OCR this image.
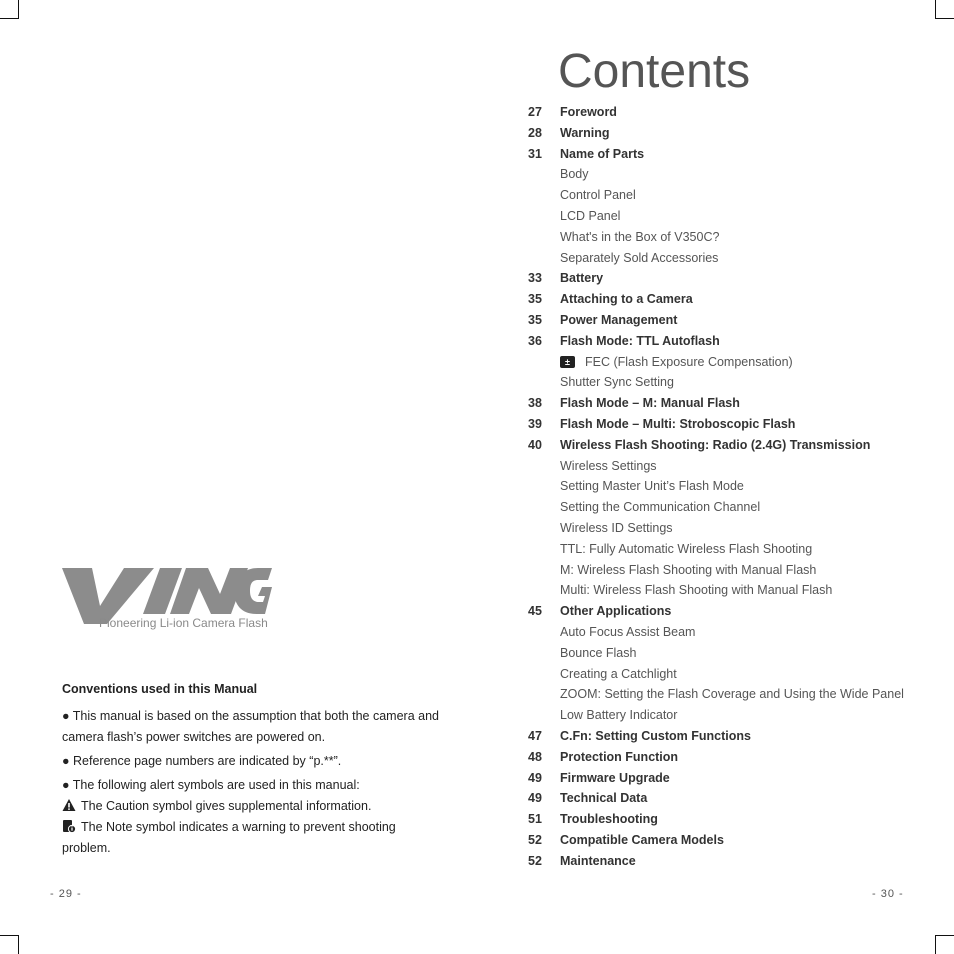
Pioneering Li-ion Camera Flash
Conventions used in this Manual
● This manual is based on the assumption that both the camera and
camera flash’s power switches are powered on.
● Reference page numbers are indicated by “p.**”.
● The following alert symbols are used in this manual:
The Caution symbol gives supplemental information.
The Note symbol indicates a warning to prevent shooting
problem.
- 29 -
Contents
27	Foreword
28	Warning
31	Name of Parts
Body
Control Panel
LCD Panel
What's in the Box of V350C?
Separately Sold Accessories
33	Battery
35	Attaching to a Camera
35	Power Management
36	Flash Mode: TTL Autoflash
± FEC (Flash Exposure Compensation)
Shutter Sync Setting
38	Flash Mode – M: Manual Flash
39	Flash Mode – Multi: Stroboscopic Flash
40	Wireless Flash Shooting: Radio (2.4G) Transmission
Wireless Settings
Setting Master Unit’s Flash Mode
Setting the Communication Channel
Wireless ID Settings
TTL: Fully Automatic Wireless Flash Shooting
M: Wireless Flash Shooting with Manual Flash
Multi: Wireless Flash Shooting with Manual Flash
45	Other Applications
Auto Focus Assist Beam
Bounce Flash
Creating a Catchlight
ZOOM: Setting the Flash Coverage and Using the Wide Panel
Low Battery Indicator
47	C.Fn: Setting Custom Functions
48	Protection Function
49	Firmware Upgrade
49	Technical Data
51	Troubleshooting
52	Compatible Camera Models
52	Maintenance
- 30 -
